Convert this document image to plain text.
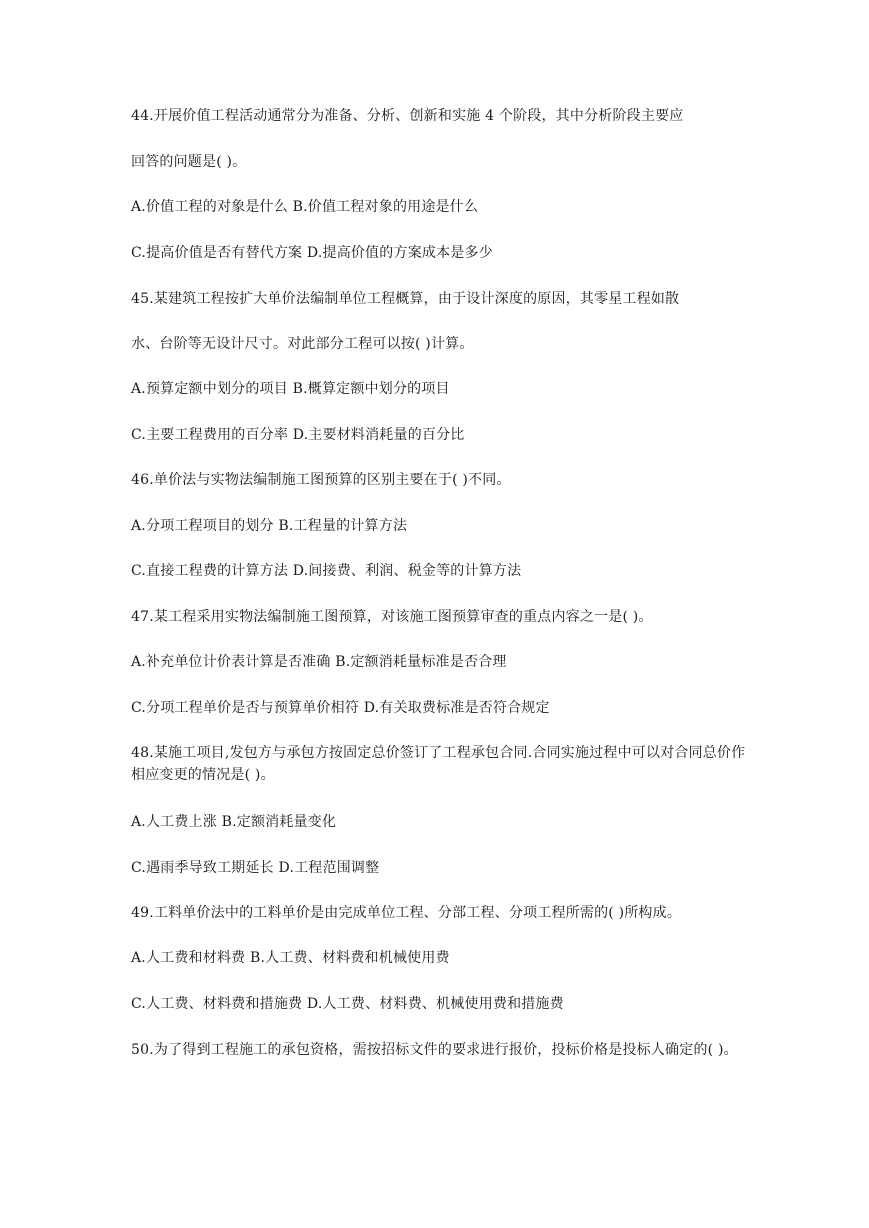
44.开展价值工程活动通常分为准备、分析、创新和实施 4 个阶段，其中分析阶段主要应
回答的问题是( )。
A.价值工程的对象是什么 B.价值工程对象的用途是什么
C.提高价值是否有替代方案 D.提高价值的方案成本是多少
45.某建筑工程按扩大单价法编制单位工程概算，由于设计深度的原因，其零星工程如散
水、台阶等无设计尺寸。对此部分工程可以按( )计算。
A.预算定额中划分的项目 B.概算定额中划分的项目
C.主要工程费用的百分率 D.主要材料消耗量的百分比
46.单价法与实物法编制施工图预算的区别主要在于( )不同。
A.分项工程项目的划分 B.工程量的计算方法
C.直接工程费的计算方法 D.间接费、利润、税金等的计算方法
47.某工程采用实物法编制施工图预算，对该施工图预算审查的重点内容之一是( )。
A.补充单位计价表计算是否准确 B.定额消耗量标准是否合理
C.分项工程单价是否与预算单价相符 D.有关取费标准是否符合规定
48.某施工项目,发包方与承包方按固定总价签订了工程承包合同.合同实施过程中可以对合同总价作相应变更的情况是( )。
A.人工费上涨 B.定额消耗量变化
C.遇雨季导致工期延长 D.工程范围调整
49.工料单价法中的工料单价是由完成单位工程、分部工程、分项工程所需的( )所构成。
A.人工费和材料费 B.人工费、材料费和机械使用费
C.人工费、材料费和措施费 D.人工费、材料费、机械使用费和措施费
50.为了得到工程施工的承包资格，需按招标文件的要求进行报价，投标价格是投标人确定的( )。
